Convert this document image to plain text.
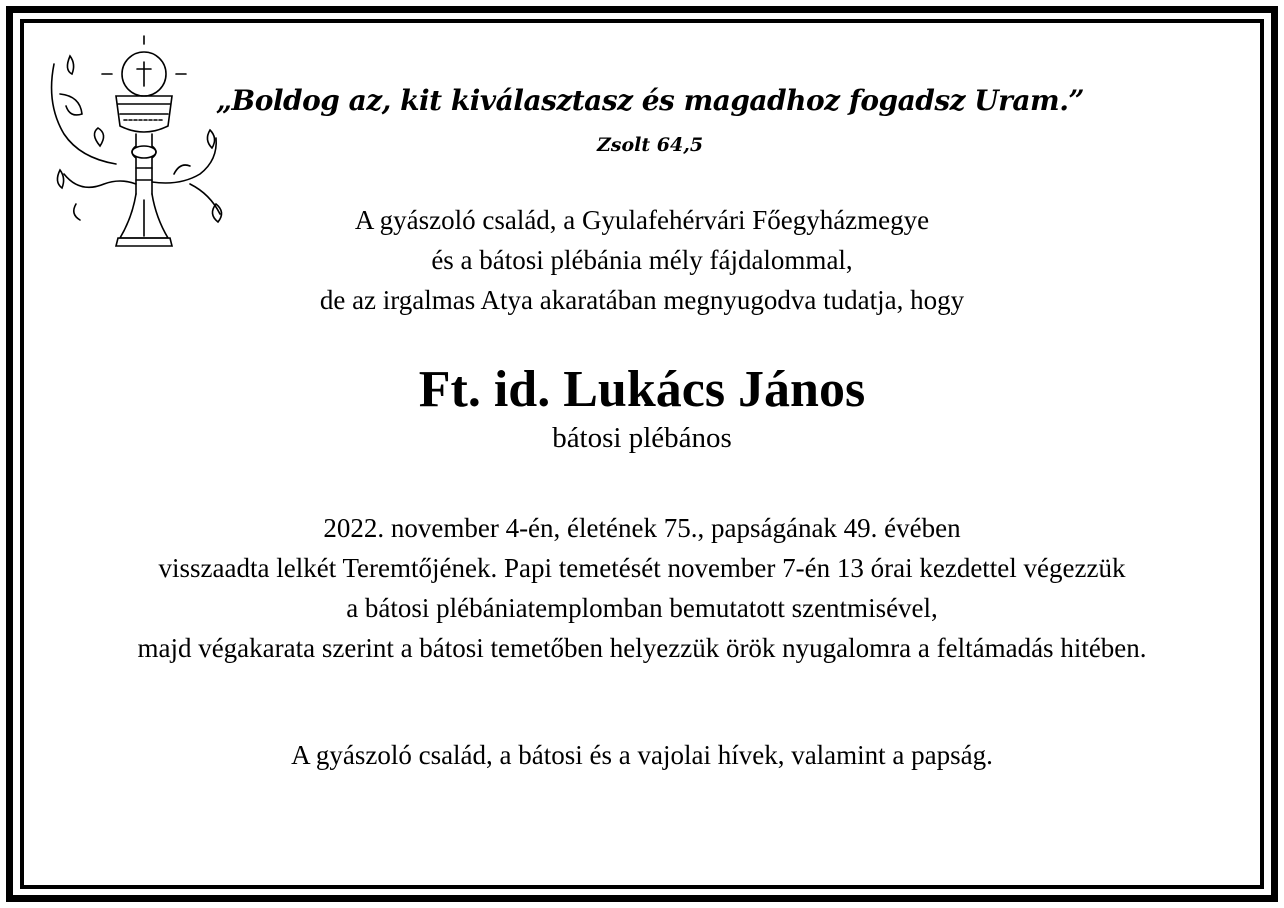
„Boldog az, kit kiválasztasz és magadhoz fogadsz Uram.”
Zsolt 64,5
A gyászoló család, a Gyulafehérvári Főegyházmegye
és a bátosi plébánia mély fájdalommal,
de az irgalmas Atya akaratában megnyugodva tudatja, hogy
Ft. id. Lukács János
bátosi plébános
2022. november 4-én, életének 75., papságának 49. évében
visszaadta lelkét Teremtőjének. Papi temetését november 7-én 13 órai kezdettel végezzük
a bátosi plébániatemplomban bemutatott szentmisével,
majd végakarata szerint a bátosi temetőben helyezzük örök nyugalomra a feltámadás hitében.
A gyászoló család, a bátosi és a vajolai hívek, valamint a papság.
